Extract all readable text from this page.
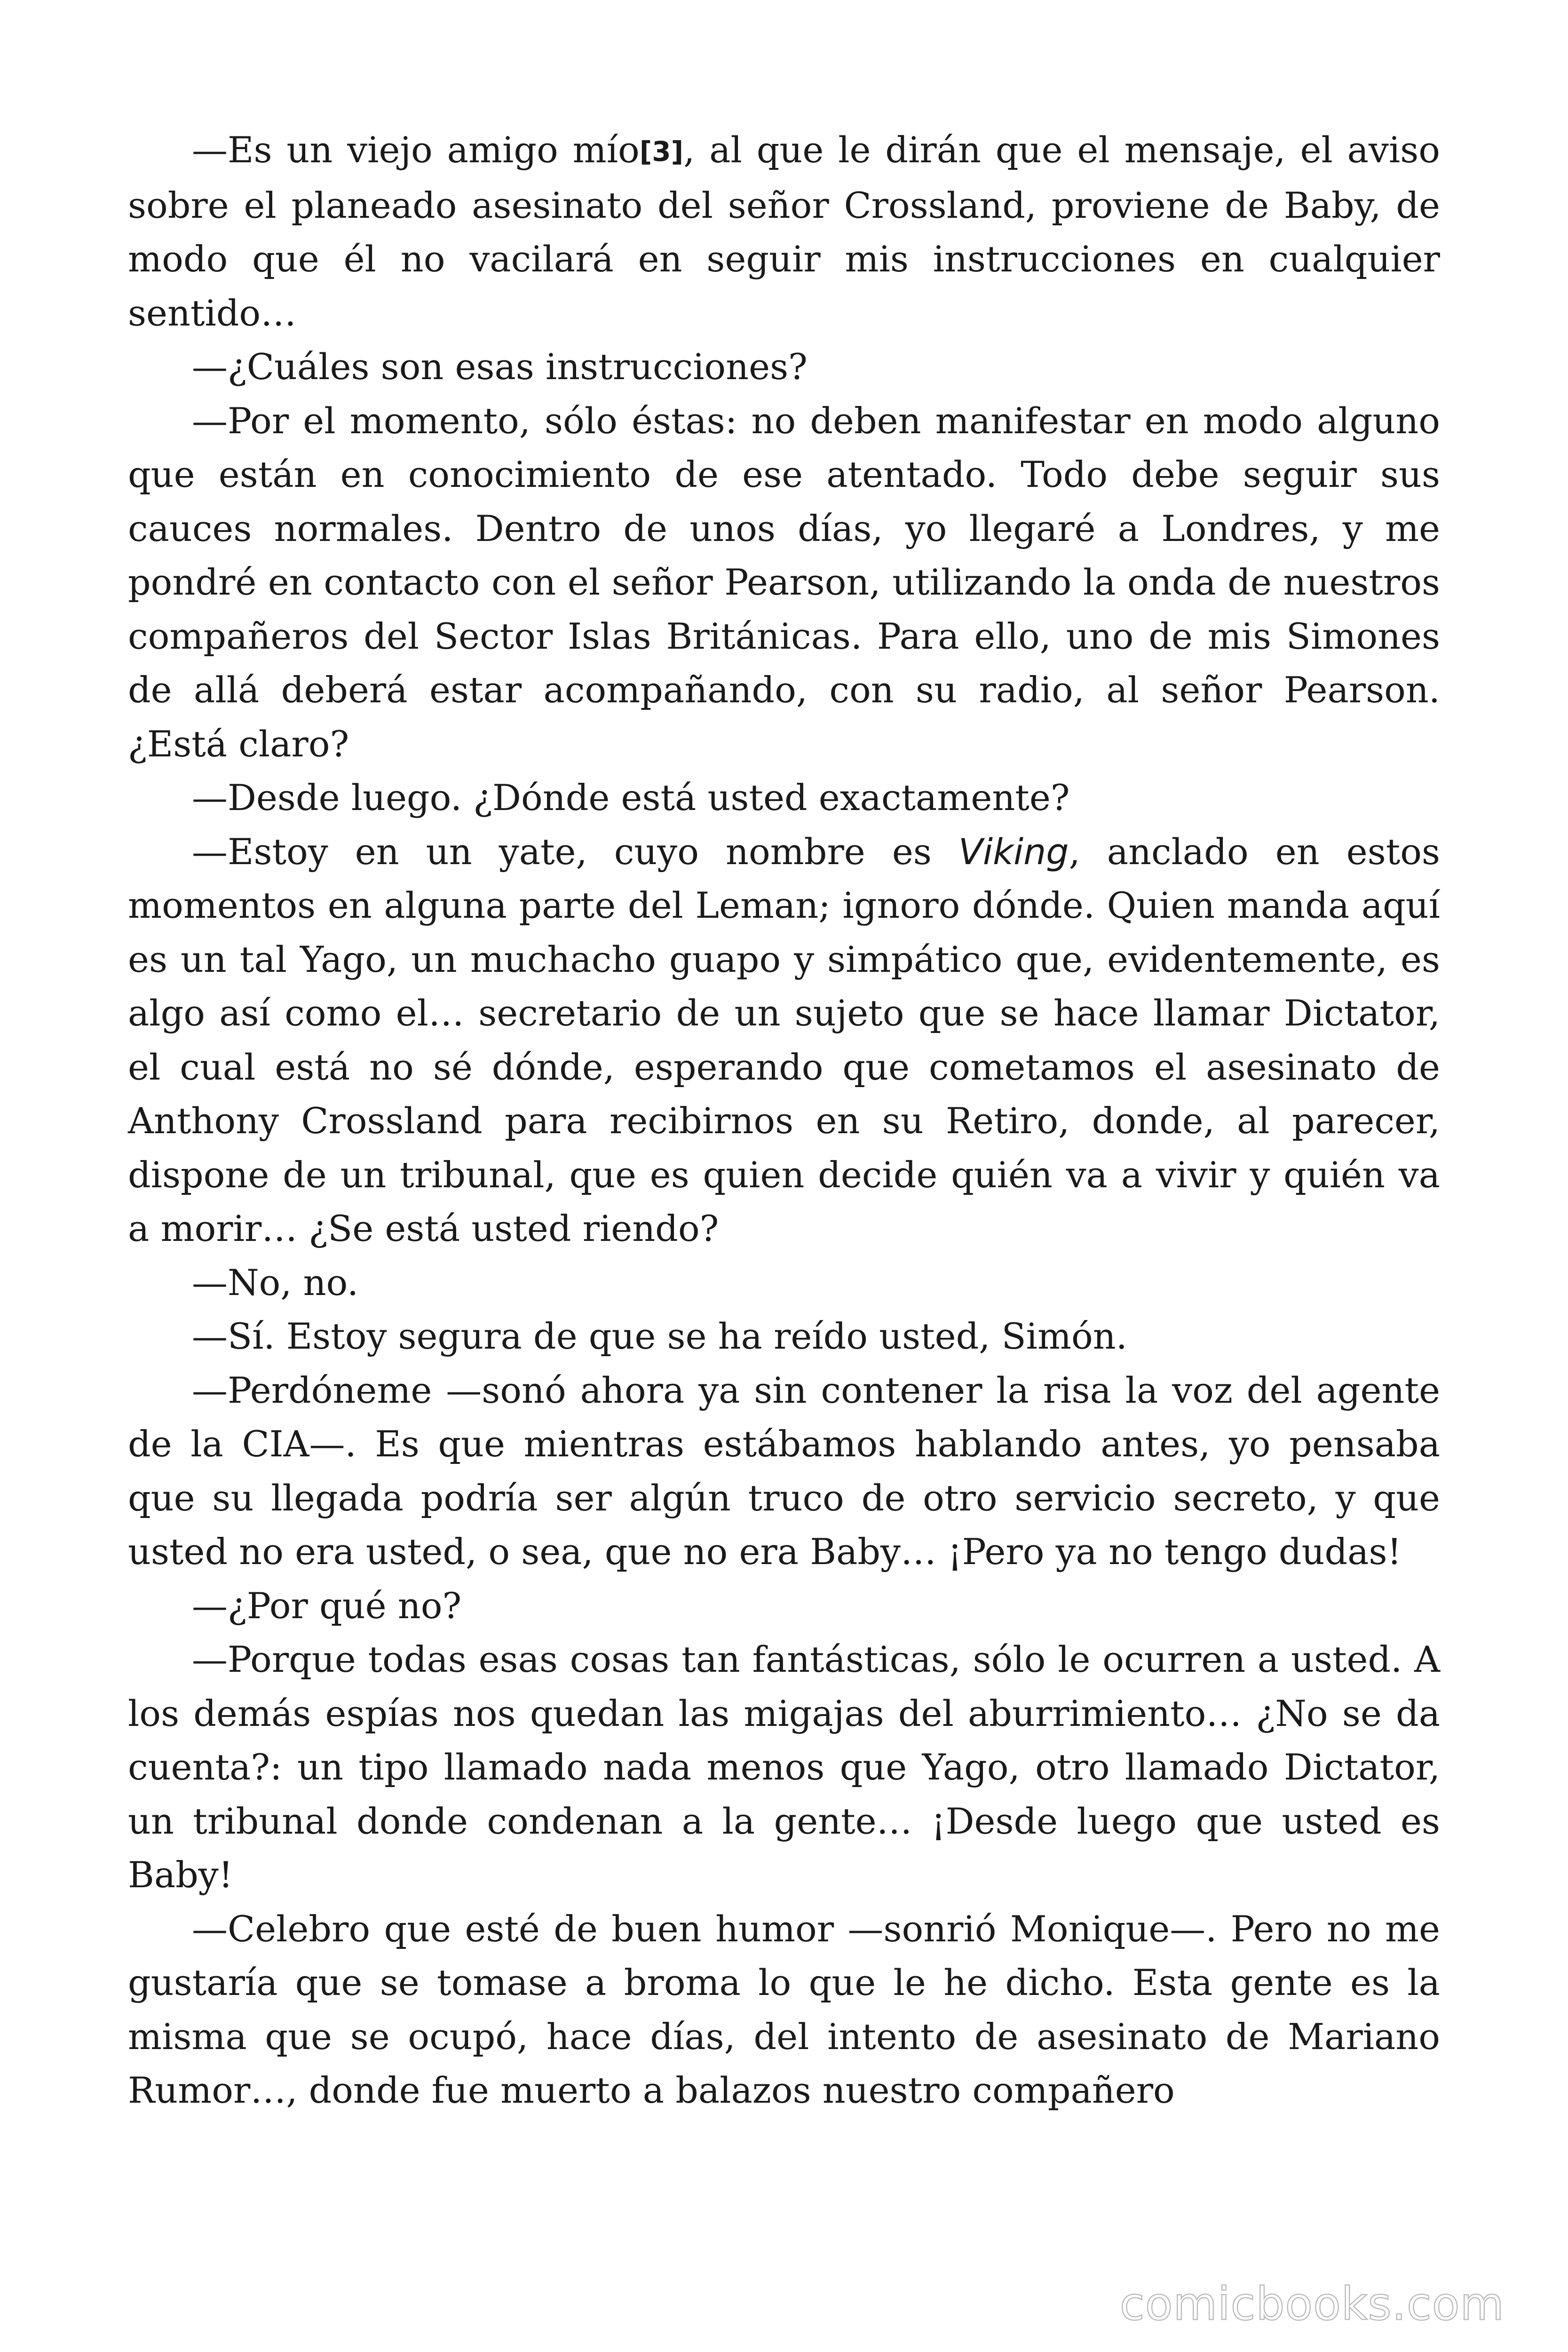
—Es un viejo amigo mío[3], al que le dirán que el mensaje, el aviso sobre el planeado asesinato del señor Crossland, proviene de Baby, de modo que él no vacilará en seguir mis instrucciones en cualquier sentido…

—¿Cuáles son esas instrucciones?

—Por el momento, sólo éstas: no deben manifestar en modo alguno que están en conocimiento de ese atentado. Todo debe seguir sus cauces normales. Dentro de unos días, yo llegaré a Londres, y me pondré en contacto con el señor Pearson, utilizando la onda de nuestros compañeros del Sector Islas Británicas. Para ello, uno de mis Simones de allá deberá estar acompañando, con su radio, al señor Pearson. ¿Está claro?

—Desde luego. ¿Dónde está usted exactamente?

—Estoy en un yate, cuyo nombre es Viking, anclado en estos momentos en alguna parte del Leman; ignoro dónde. Quien manda aquí es un tal Yago, un muchacho guapo y simpático que, evidentemente, es algo así como el… secretario de un sujeto que se hace llamar Dictator, el cual está no sé dónde, esperando que cometamos el asesinato de Anthony Crossland para recibirnos en su Retiro, donde, al parecer, dispone de un tribunal, que es quien decide quién va a vivir y quién va a morir… ¿Se está usted riendo?

—No, no.

—Sí. Estoy segura de que se ha reído usted, Simón.

—Perdóneme —sonó ahora ya sin contener la risa la voz del agente de la CIA—. Es que mientras estábamos hablando antes, yo pensaba que su llegada podría ser algún truco de otro servicio secreto, y que usted no era usted, o sea, que no era Baby… ¡Pero ya no tengo dudas!

—¿Por qué no?

—Porque todas esas cosas tan fantásticas, sólo le ocurren a usted. A los demás espías nos quedan las migajas del aburrimiento… ¿No se da cuenta?: un tipo llamado nada menos que Yago, otro llamado Dictator, un tribunal donde condenan a la gente… ¡Desde luego que usted es Baby!

—Celebro que esté de buen humor —sonrió Monique—. Pero no me gustaría que se tomase a broma lo que le he dicho. Esta gente es la misma que se ocupó, hace días, del intento de asesinato de Mariano Rumor…, donde fue muerto a balazos nuestro compañero

comicbooks.com
